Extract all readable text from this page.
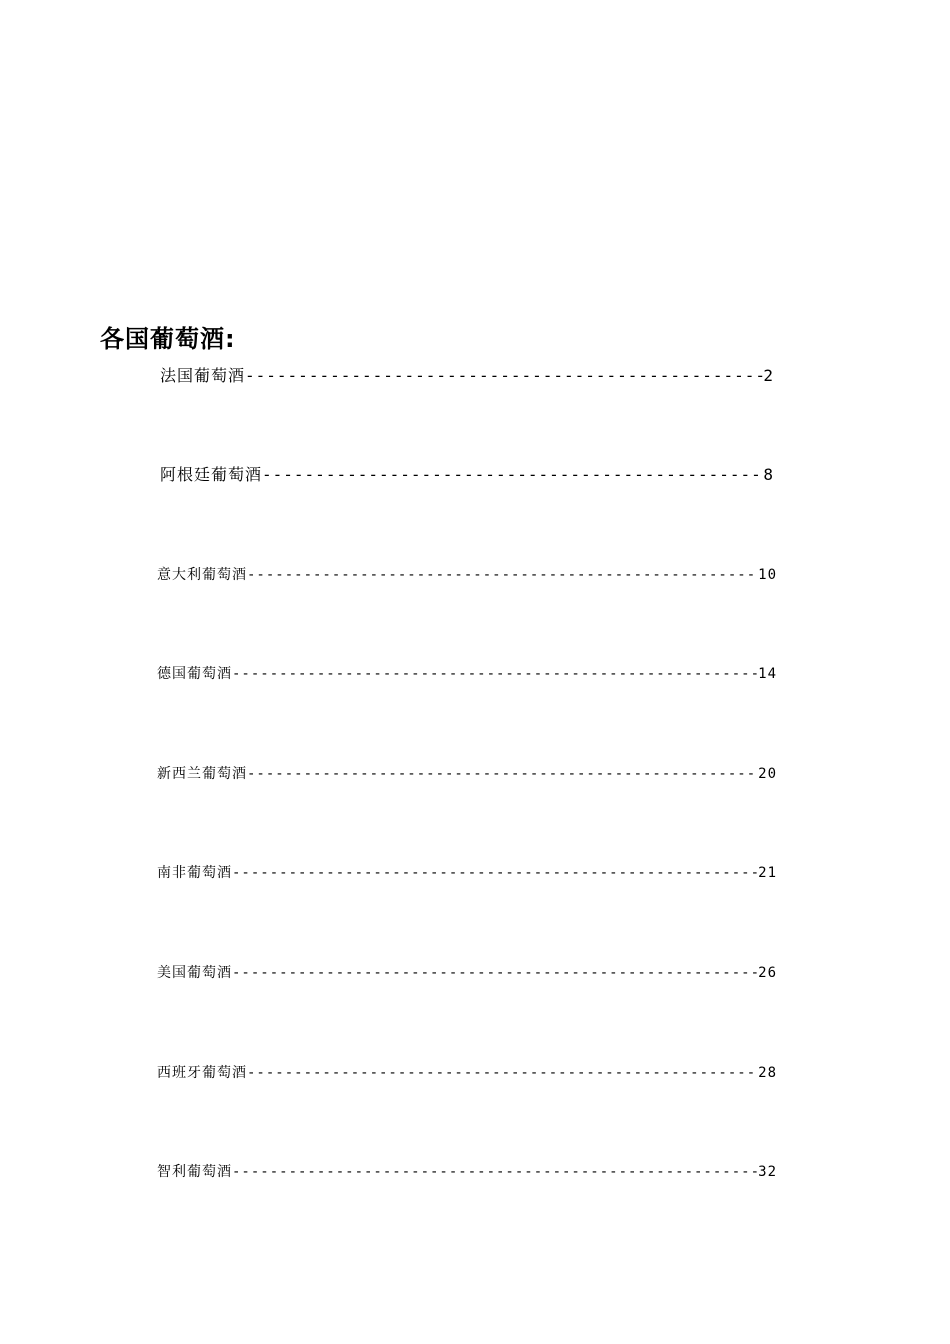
各国葡萄酒:
法国葡萄酒 -----	2
阿根廷葡萄酒 -----	8
意大利葡萄酒 -----	10
德国葡萄酒 -----	14
新西兰葡萄酒 -----	20
南非葡萄酒 -----	21
美国葡萄酒 -----	26
西班牙葡萄酒 -----	28
智利葡萄酒 -----	32
